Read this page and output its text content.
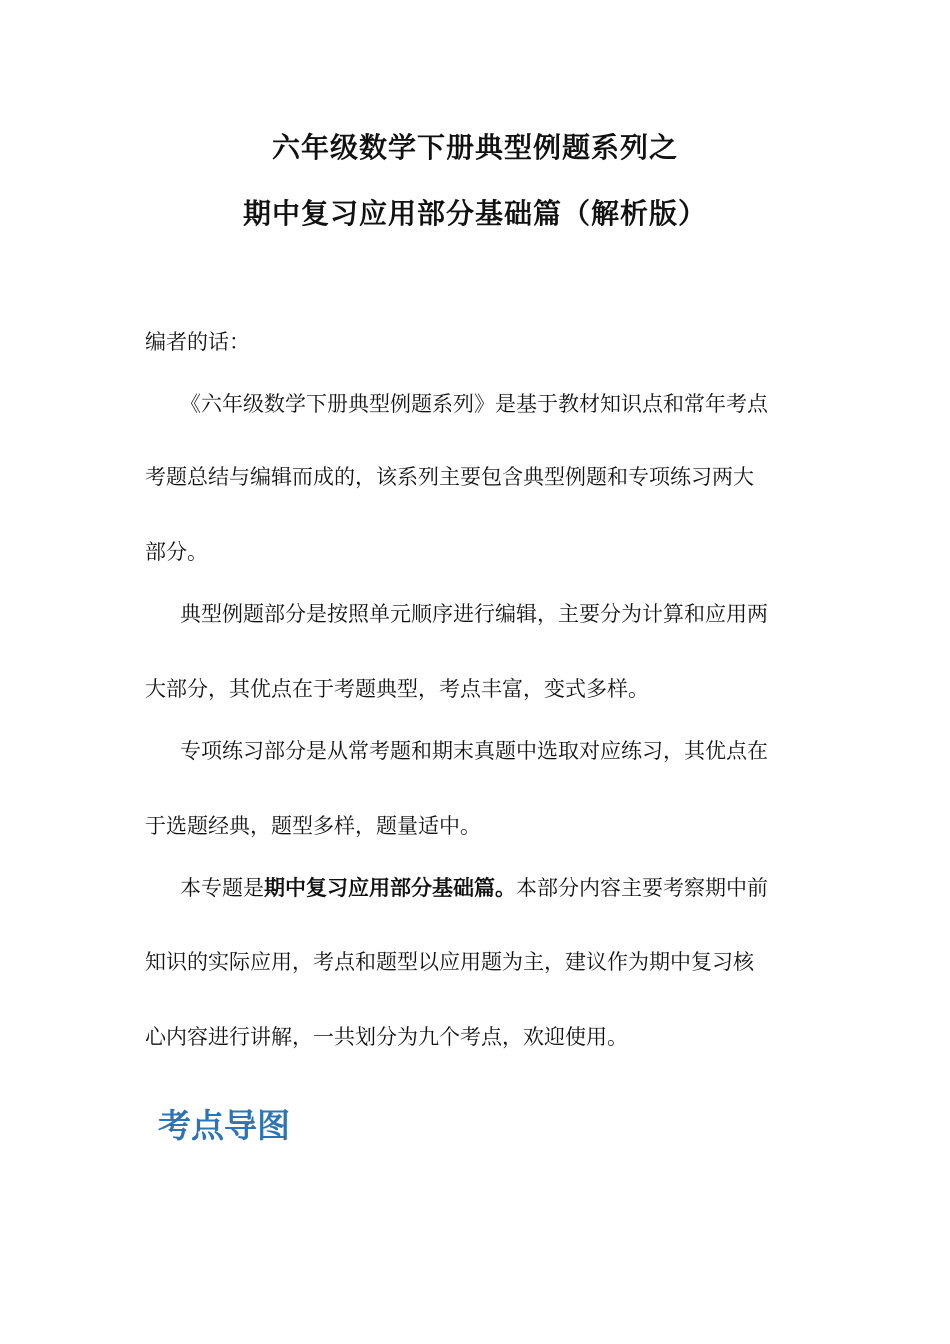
六年级数学下册典型例题系列之
期中复习应用部分基础篇（解析版）

编者的话：

《六年级数学下册典型例题系列》是基于教材知识点和常年考点

考题总结与编辑而成的，该系列主要包含典型例题和专项练习两大

部分。

典型例题部分是按照单元顺序进行编辑，主要分为计算和应用两

大部分，其优点在于考题典型，考点丰富，变式多样。

专项练习部分是从常考题和期末真题中选取对应练习，其优点在

于选题经典，题型多样，题量适中。

本专题是期中复习应用部分基础篇。本部分内容主要考察期中前

知识的实际应用，考点和题型以应用题为主，建议作为期中复习核

心内容进行讲解，一共划分为九个考点，欢迎使用。

考点导图
